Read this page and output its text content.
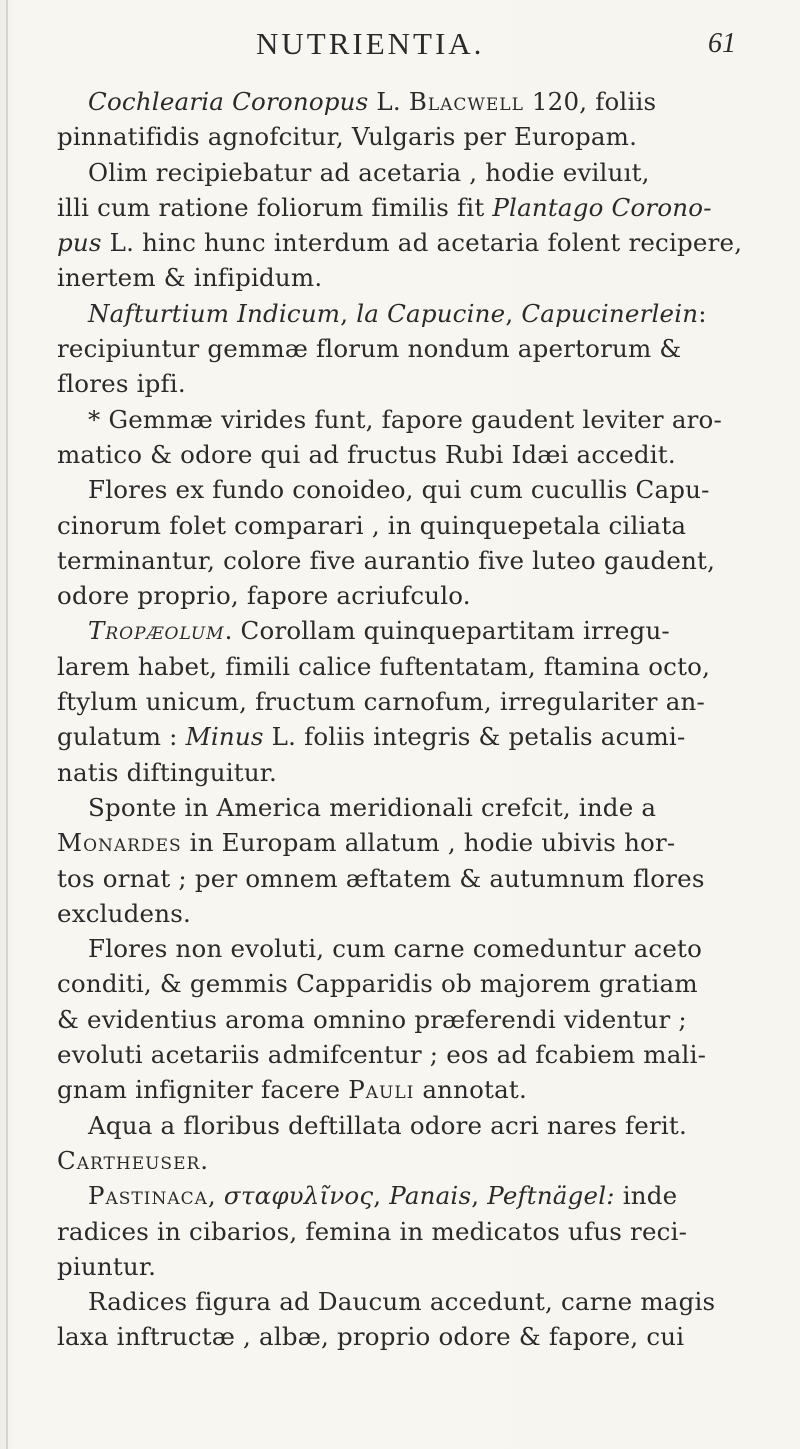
NUTRIENTIA.	61
Cochlearia Coronopus L. Blacwell 120, foliis
pinnatifidis agnofcitur, Vulgaris per Europam.
Olim recipiebatur ad acetaria , hodie eviluıt,
illi cum ratione foliorum fimilis fit Plantago Corono-
pus L. hinc hunc interdum ad acetaria folent recipere,
inertem & infipidum.
Nafturtium Indicum, la Capucine, Capucinerlein:
recipiuntur gemmæ florum nondum apertorum &
flores ipfi.
* Gemmæ virides funt, fapore gaudent leviter aro-
matico & odore qui ad fructus Rubi Idæi accedit.
Flores ex fundo conoideo, qui cum cucullis Capu-
cinorum folet comparari , in quinquepetala ciliata
terminantur, colore five aurantio five luteo gaudent,
odore proprio, fapore acriufculo.
Tropæolum. Corollam quinquepartitam irregu-
larem habet, fimili calice fuftentatam, ftamina octo,
ftylum unicum, fructum carnofum, irregulariter an-
gulatum : Minus L. foliis integris & petalis acumi-
natis diftinguitur.
Sponte in America meridionali crefcit, inde a
Monardes in Europam allatum , hodie ubivis hor-
tos ornat ; per omnem æftatem & autumnum flores
excludens.
Flores non evoluti, cum carne comeduntur aceto
conditi, & gemmis Capparidis ob majorem gratiam
& evidentius aroma omnino præferendi videntur ;
evoluti acetariis admifcentur ; eos ad fcabiem mali-
gnam infigniter facere Pauli annotat.
Aqua a floribus deftillata odore acri nares ferit.
Cartheuser.
Pastinaca, σταφυλῖνος, Panais, Peftnägel: inde
radices in cibarios, femina in medicatos ufus reci-
piuntur.
Radices figura ad Daucum accedunt, carne magis
laxa inftructæ , albæ, proprio odore & fapore, cui
